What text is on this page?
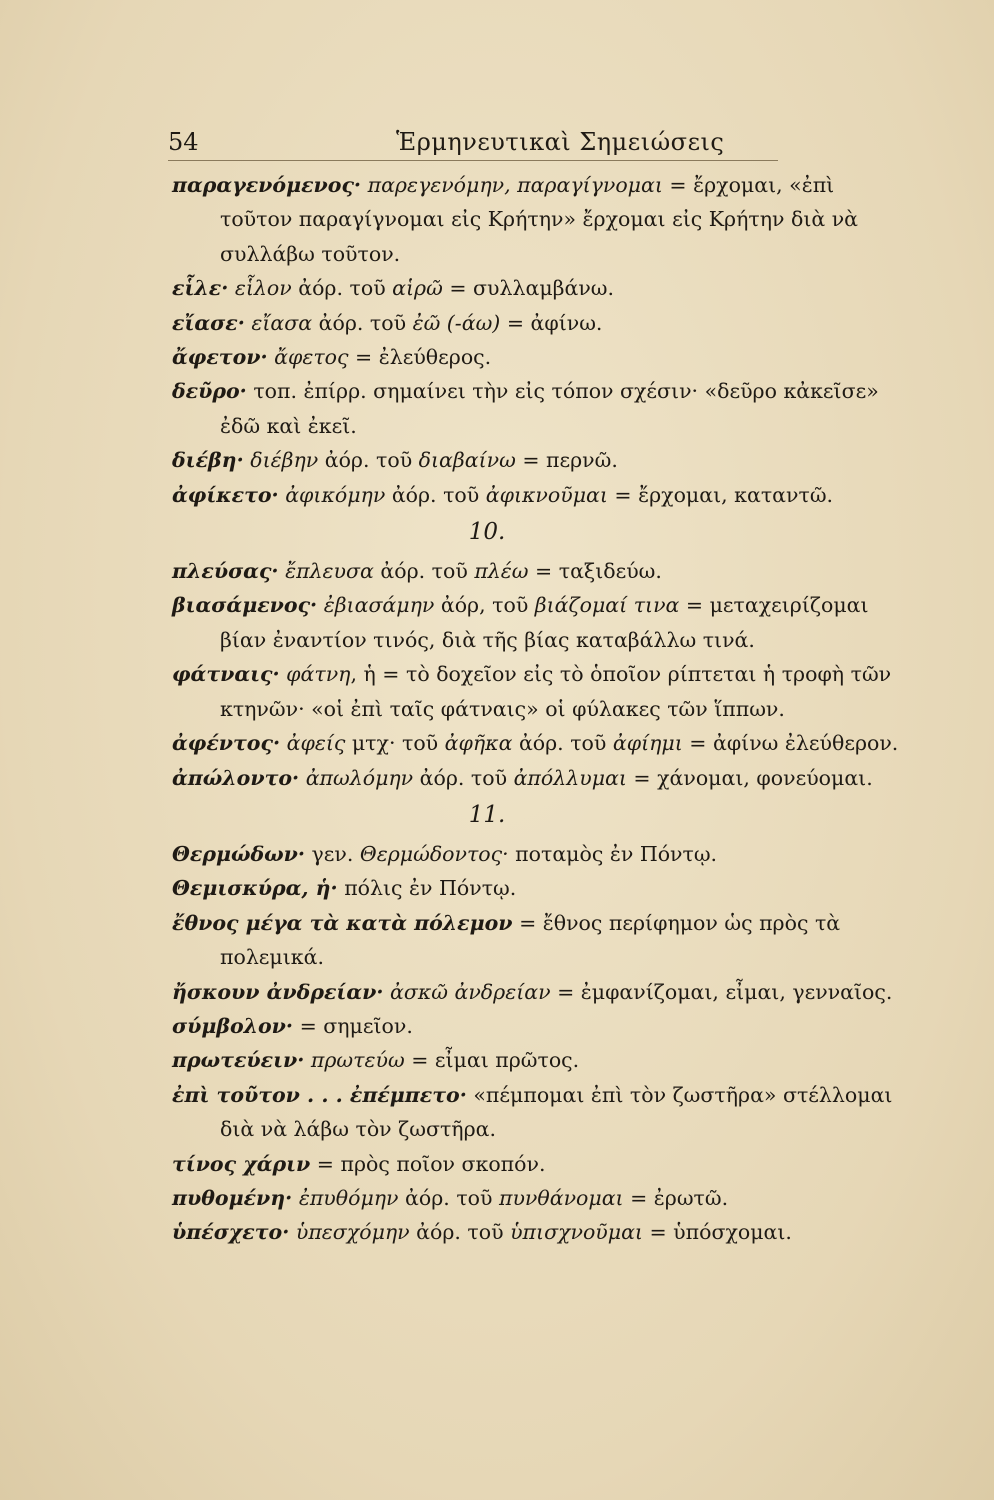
54	Ἑρμηνευτικαὶ Σημειώσεις

παραγενόμενος· παρεγενόμην, παραγίγνομαι = ἔρχομαι, «ἐπὶ τοῦτον παραγίγνομαι εἰς Κρήτην» ἔρχομαι εἰς Κρήτην διὰ νὰ συλλάβω τοῦτον.

εἷλε· εἷλον ἀόρ. τοῦ αἱρῶ = συλλαμβάνω.

εἴασε· εἴασα ἀόρ. τοῦ ἐῶ (-άω) = ἀφίνω.

ἄφετον· ἄφετος = ἐλεύθερος.

δεῦρο· τοπ. ἐπίρρ. σημαίνει τὴν εἰς τόπον σχέσιν· «δεῦρο κἀκεῖσε» ἐδῶ καὶ ἐκεῖ.

διέβη· διέβην ἀόρ. τοῦ διαβαίνω = περνῶ.

ἀφίκετο· ἀφικόμην ἀόρ. τοῦ ἀφικνοῦμαι = ἔρχομαι, καταντῶ.

10.

πλεύσας· ἔπλευσα ἀόρ. τοῦ πλέω = ταξιδεύω.

βιασάμενος· ἐβιασάμην ἀόρ, τοῦ βιάζομαί τινα = μεταχειρίζομαι βίαν ἐναντίον τινός, διὰ τῆς βίας καταβάλλω τινά.

φάτναις· φάτνη, ἡ = τὸ δοχεῖον εἰς τὸ ὁποῖον ρίπτεται ἡ τροφὴ τῶν κτηνῶν· «οἱ ἐπὶ ταῖς φάτναις» οἱ φύλακες τῶν ἵππων.

ἀφέντος· ἀφείς μτχ· τοῦ ἀφῆκα ἀόρ. τοῦ ἀφίημι = ἀφίνω ἐλεύθερον.

ἀπώλοντο· ἀπωλόμην ἀόρ. τοῦ ἀπόλλυμαι = χάνομαι, φονεύομαι.

11.

Θερμώδων· γεν. Θερμώδοντος· ποταμὸς ἐν Πόντῳ.

Θεμισκύρα, ἡ· πόλις ἐν Πόντῳ.

ἔθνος μέγα τὰ κατὰ πόλεμον = ἔθνος περίφημον ὡς πρὸς τὰ πολεμικά.

ἤσκουν ἀνδρείαν· ἀσκῶ ἀνδρείαν = ἐμφανίζομαι, εἶμαι, γενναῖος.

σύμβολον· = σημεῖον.

πρωτεύειν· πρωτεύω = εἶμαι πρῶτος.

ἐπὶ τοῦτον . . . ἐπέμπετο· «πέμπομαι ἐπὶ τὸν ζωστῆρα» στέλλομαι διὰ νὰ λάβω τὸν ζωστῆρα.

τίνος χάριν = πρὸς ποῖον σκοπόν.

πυθομένη· ἐπυθόμην ἀόρ. τοῦ πυνθάνομαι = ἐρωτῶ.

ὑπέσχετο· ὑπεσχόμην ἀόρ. τοῦ ὑπισχνοῦμαι = ὑπόσχομαι.
